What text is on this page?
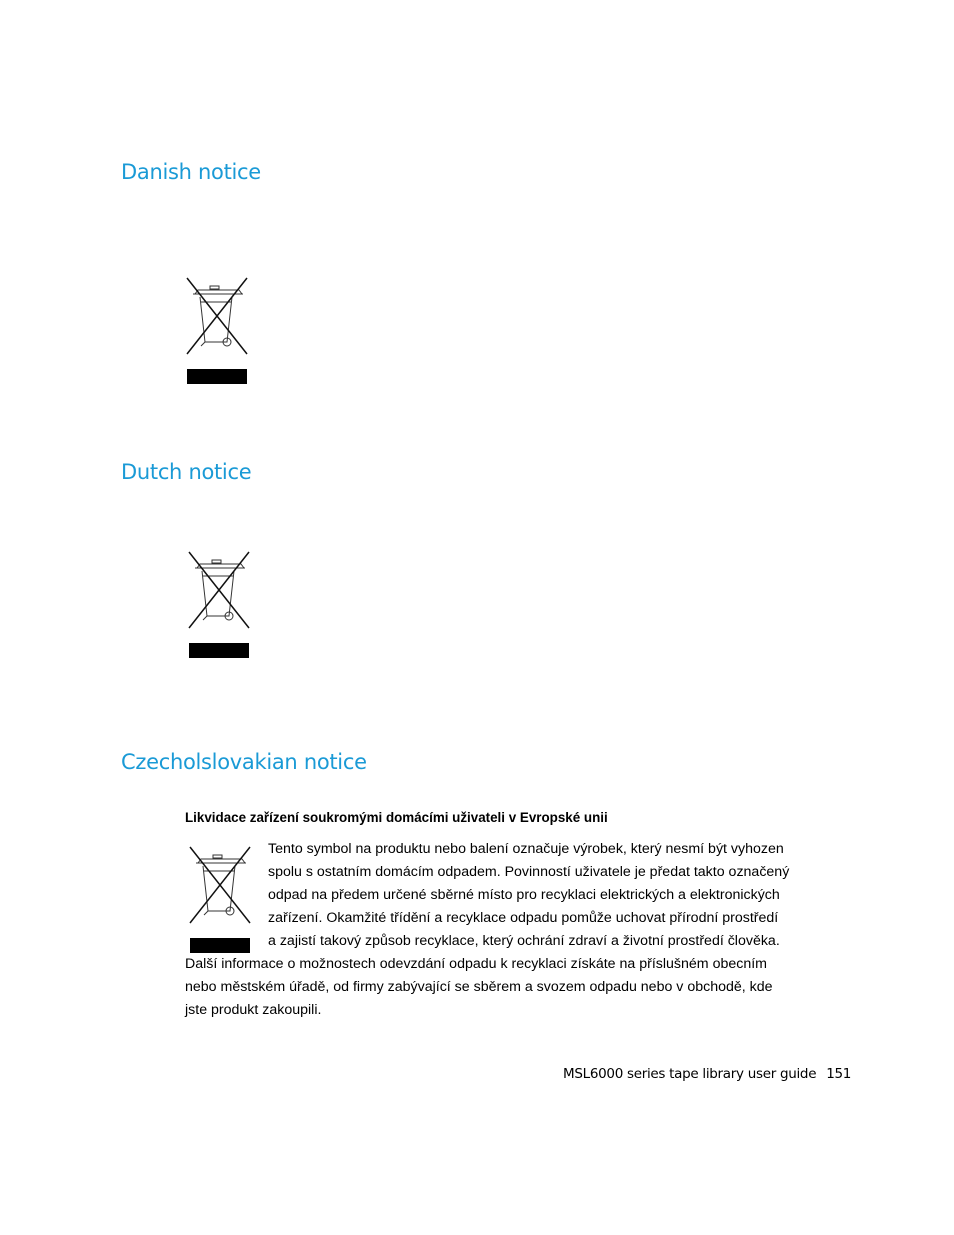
Danish notice
Dutch notice
Czecholslovakian notice

Likvidace zařízení soukromými domácími uživateli v Evropské unii

Tento symbol na produktu nebo balení označuje výrobek, který nesmí být vyhozen

spolu s ostatním domácím odpadem. Povinností uživatele je předat takto označený

odpad na předem určené sběrné místo pro recyklaci elektrických a elektronických

zařízení. Okamžité třídění a recyklace odpadu pomůže uchovat přírodní prostředí

a zajistí takový způsob recyklace, který ochrání zdraví a životní prostředí člověka.

Další informace o možnostech odevzdání odpadu k recyklaci získáte na příslušném obecním

nebo městském úřadě, od firmy zabývající se sběrem a svozem odpadu nebo v obchodě, kde

jste produkt zakoupili.

MSL6000 series tape library user guide 151
